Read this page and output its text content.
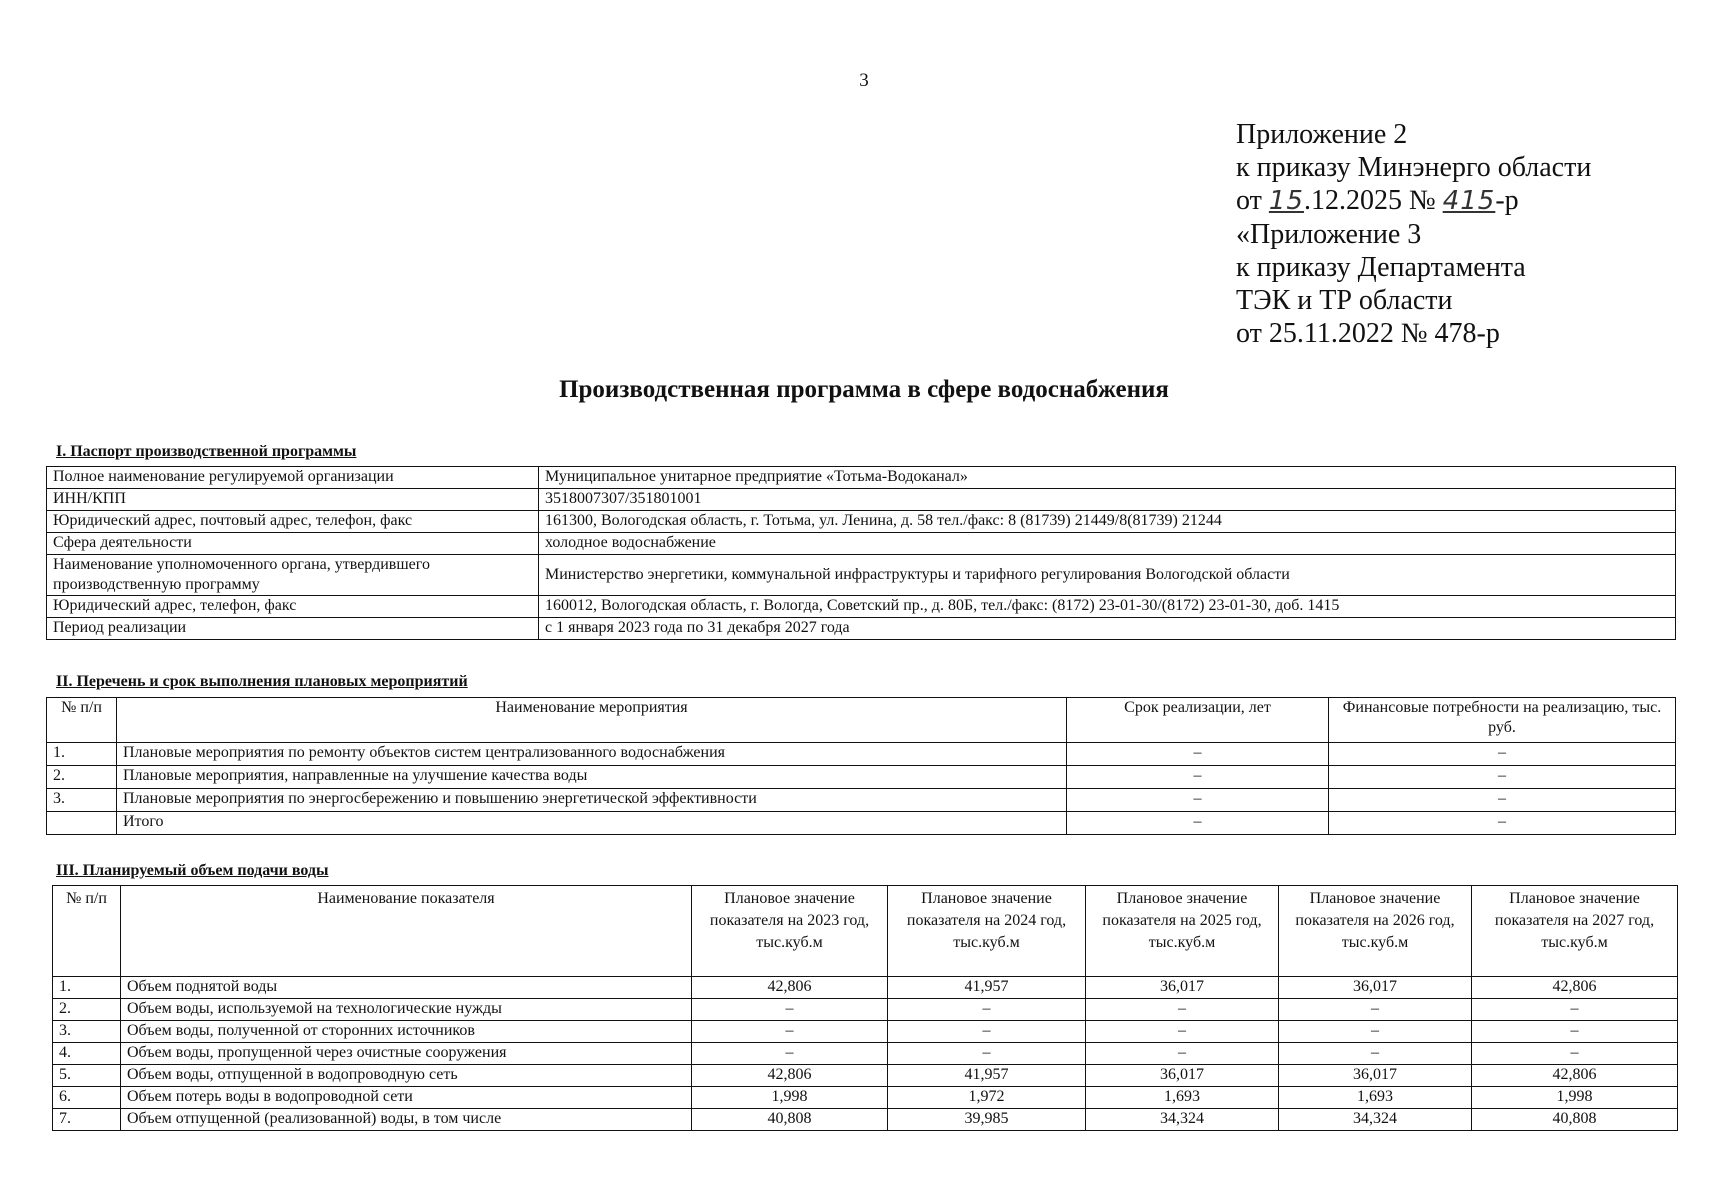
3
Приложение 2
к приказу Минэнерго области
от 15.12.2025 № 415-р
«Приложение 3
к приказу Департамента
ТЭК и ТР области
от 25.11.2022 № 478-р
Производственная программа в сфере водоснабжения
I. Паспорт производственной программы
Полное наименование регулируемой организации	Муниципальное унитарное предприятие «Тотьма-Водоканал»
ИНН/КПП	3518007307/351801001
Юридический адрес, почтовый адрес, телефон, факс	161300, Вологодская область, г. Тотьма, ул. Ленина, д. 58 тел./факс: 8 (81739) 21449/8(81739) 21244
Сфера деятельности	холодное водоснабжение
Наименование уполномоченного органа, утвердившего производственную программу	Министерство энергетики, коммунальной инфраструктуры и тарифного регулирования Вологодской области
Юридический адрес, телефон, факс	160012, Вологодская область, г. Вологда, Советский пр., д. 80Б, тел./факс: (8172) 23-01-30/(8172) 23-01-30, доб. 1415
Период реализации	с 1 января 2023 года по 31 декабря 2027 года
II. Перечень и срок выполнения плановых мероприятий
№ п/п	Наименование мероприятия	Срок реализации, лет	Финансовые потребности на реализацию, тыс. руб.
1.	Плановые мероприятия по ремонту объектов систем централизованного водоснабжения	–	–
2.	Плановые мероприятия, направленные на улучшение качества воды	–	–
3.	Плановые мероприятия по энергосбережению и повышению энергетической эффективности	–	–
	Итого	–	–
III. Планируемый объем подачи воды
№ п/п	Наименование показателя	Плановое значение показателя на 2023 год, тыс.куб.м	Плановое значение показателя на 2024 год, тыс.куб.м	Плановое значение показателя на 2025 год, тыс.куб.м	Плановое значение показателя на 2026 год, тыс.куб.м	Плановое значение показателя на 2027 год, тыс.куб.м
1.	Объем поднятой воды	42,806	41,957	36,017	36,017	42,806
2.	Объем воды, используемой на технологические нужды	–	–	–	–	–
3.	Объем воды, полученной от сторонних источников	–	–	–	–	–
4.	Объем воды, пропущенной через очистные сооружения	–	–	–	–	–
5.	Объем воды, отпущенной в водопроводную сеть	42,806	41,957	36,017	36,017	42,806
6.	Объем потерь воды в водопроводной сети	1,998	1,972	1,693	1,693	1,998
7.	Объем отпущенной (реализованной) воды, в том числе	40,808	39,985	34,324	34,324	40,808
